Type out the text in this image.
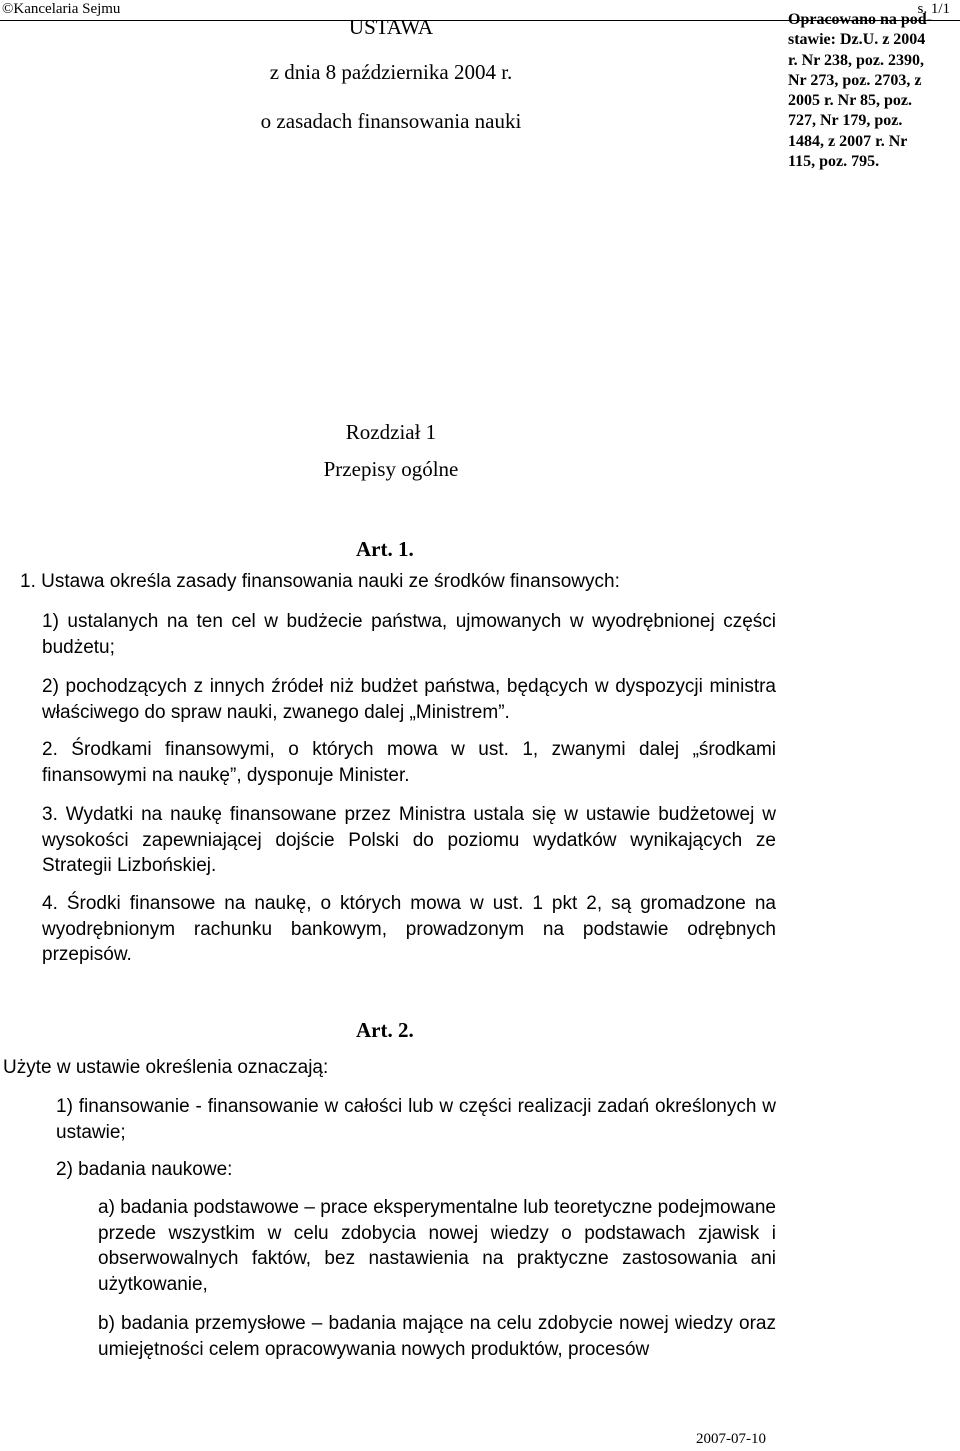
©Kancelaria Sejmu	s. 1/1
USTAWA
z dnia 8 października 2004 r.
o zasadach finansowania nauki
Opracowano na pod-
stawie: Dz.U. z 2004
r. Nr 238, poz. 2390,
Nr 273, poz. 2703, z
2005 r. Nr 85, poz.
727, Nr 179, poz.
1484, z 2007 r. Nr
115, poz. 795.
Rozdział 1
Przepisy ogólne
Art. 1.
1. Ustawa określa zasady finansowania nauki ze środków finansowych:
1) ustalanych na ten cel w budżecie państwa, ujmowanych w wyodrębnionej części budżetu;
2) pochodzących z innych źródeł niż budżet państwa, będących w dyspozycji ministra właściwego do spraw nauki, zwanego dalej „Ministrem”.
2. Środkami finansowymi, o których mowa w ust. 1, zwanymi dalej „środkami finansowymi na naukę”, dysponuje Minister.
3. Wydatki na naukę finansowane przez Ministra ustala się w ustawie budżetowej w wysokości zapewniającej dojście Polski do poziomu wydatków wynikających ze Strategii Lizbońskiej.
4. Środki finansowe na naukę, o których mowa w ust. 1 pkt 2, są gromadzone na wyodrębnionym rachunku bankowym, prowadzonym na podstawie odrębnych przepisów.
Art. 2.
Użyte w ustawie określenia oznaczają:
1) finansowanie - finansowanie w całości lub w części realizacji zadań określonych w ustawie;
2) badania naukowe:
a) badania podstawowe – prace eksperymentalne lub teoretyczne podejmowane przede wszystkim w celu zdobycia nowej wiedzy o podstawach zjawisk i obserwowalnych faktów, bez nastawienia na praktyczne zastosowania ani użytkowanie,
b) badania przemysłowe – badania mające na celu zdobycie nowej wiedzy oraz umiejętności celem opracowywania nowych produktów, procesów
2007-07-10
